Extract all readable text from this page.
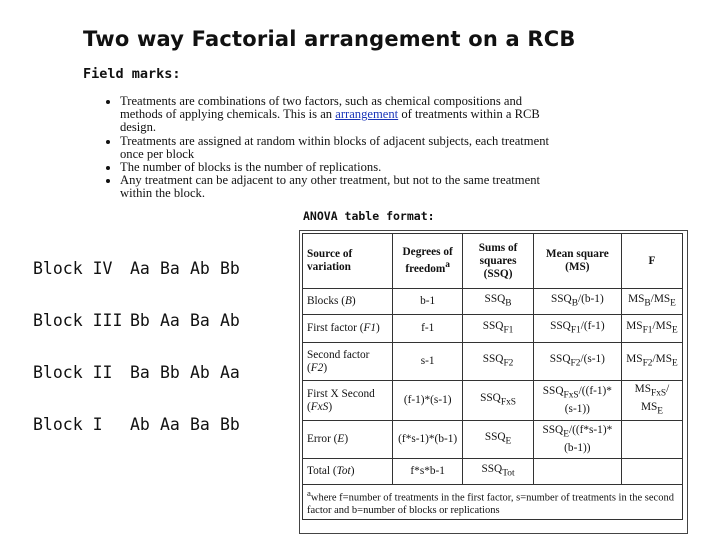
Two way Factorial arrangement on a RCB
Field marks:
• Treatments are combinations of two factors, such as chemical compositions and methods of applying chemicals. This is an arrangement of treatments within a RCB design.
• Treatments are assigned at random within blocks of adjacent subjects, each treatment once per block
• The number of blocks is the number of replications.
• Any treatment can be adjacent to any other treatment, but not to the same treatment within the block.
Block IV Aa Ba Ab Bb
Block III Bb Aa Ba Ab
Block II Ba Bb Ab Aa
Block I Ab Aa Ba Bb
Source of variation	Degrees of freedom$^a$	Sums of squares (SSQ)	Mean square (MS)	F
Blocks (B)	b-1	$SSQ_B$	$SSQ_B/(b-1)$	$MS_B/MS_E$
First factor (F1)	f-1	$SSQ_{F1}$	$SSQ_{F1}/(f-1)$	$MS_{F1}/MS_E$
Second factor (F2)	s-1	$SSQ_{F2}$	$SSQ_{F2}/(s-1)$	$MS_{F2}/MS_E$
First X Second (FxS)	(f-1)*(s-1)	$SSQ_{FxS}$	$SSQ_{FxS}/((f-1)*(s-1))$	$MS_{FxS}/$ $MS_E$
Error (E)	(f*s-1)*(b-1)	$SSQ_E$	$SSQ_E/((f*s-1)*(b-1))$	
Total (Tot)	f*s*b-1	$SSQ_{Tot}$		
$^a$where f=number of treatments in the first factor, s=number of treatments in the second factor and b=number of blocks or replications				
ANOVA table format:
